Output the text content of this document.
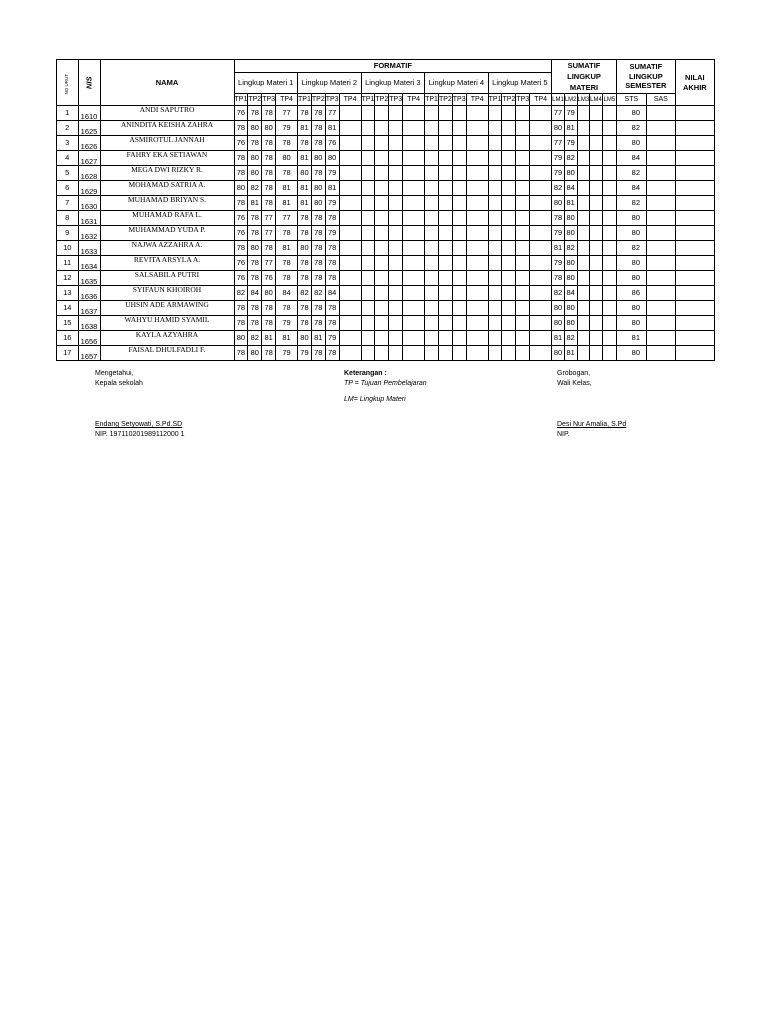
NO URUT	NIS	NAMA	FORMATIF																				SUMATIF LINGKUP MATERI					SUMATIF LINGKUP SEMESTER		NILAI AKHIR
			Lingkup Materi 1				Lingkup Materi 2				Lingkup Materi 3				Lingkup Materi 4				Lingkup Materi 5											
			TP1	TP2	TP3	TP4	TP1	TP2	TP3	TP4	TP1	TP2	TP3	TP4	TP1	TP2	TP3	TP4	TP1	TP2	TP3	TP4	LM1	LM2	LM3	LM4	LM5	STS	SAS	
1	1610	ANDI SAPUTRO	76	78	78	77	78	78	77														77	79				80		
2	1625	ANINDITA KEISHA ZAHRA	78	80	80	79	81	78	81														80	81				82		
3	1626	ASMIROTUL JANNAH	76	78	78	78	78	78	76														77	79				80		
4	1627	FAHRY EKA SETIAWAN	78	80	78	80	81	80	80														79	82				84		
5	1628	MEGA DWI RIZKY R.	78	80	78	78	80	78	79														79	80				82		
6	1629	MOHAMAD SATRIA A.	80	82	78	81	81	80	81														82	84				84		
7	1630	MUHAMAD BRIYAN S.	78	81	78	81	81	80	79														80	81				82		
8	1631	MUHAMAD RAFA L.	76	78	77	77	78	78	78														78	80				80		
9	1632	MUHAMMAD YUDA P.	76	78	77	78	78	78	79														79	80				80		
10	1633	NAJWA AZZAHRA A.	78	80	78	81	80	78	78														81	82				82		
11	1634	REVITA ARSYLA A.	76	78	77	78	78	78	78														79	80				80		
12	1635	SALSABILA PUTRI	76	78	76	78	78	78	78														78	80				80		
13	1636	SYIFAUN KHOIROH	82	84	80	84	82	82	84														82	84				86		
14	1637	UHSIN ADE ARMAWING	78	78	78	78	78	78	78														80	80				80		
15	1638	WAHYU HAMID SYAMIL	78	78	78	79	78	78	78														80	80				80		
16	1656	KAYLA AZYAHRA	80	82	81	81	80	81	79														81	82				81		
17	1657	FAISAL DHULFADLI F.	78	80	78	79	79	78	78														80	81				80		
Mengetahui,
Kepala sekolah
Endang Setyowati, S.Pd.SD
NIP. 197110201989112000 1
Keterangan :
TP = Tujuan Pembelajaran
LM= Lingkup Materi
Grobogan,
Wali Kelas,
Desi Nur Amalia, S.Pd
NIP.
